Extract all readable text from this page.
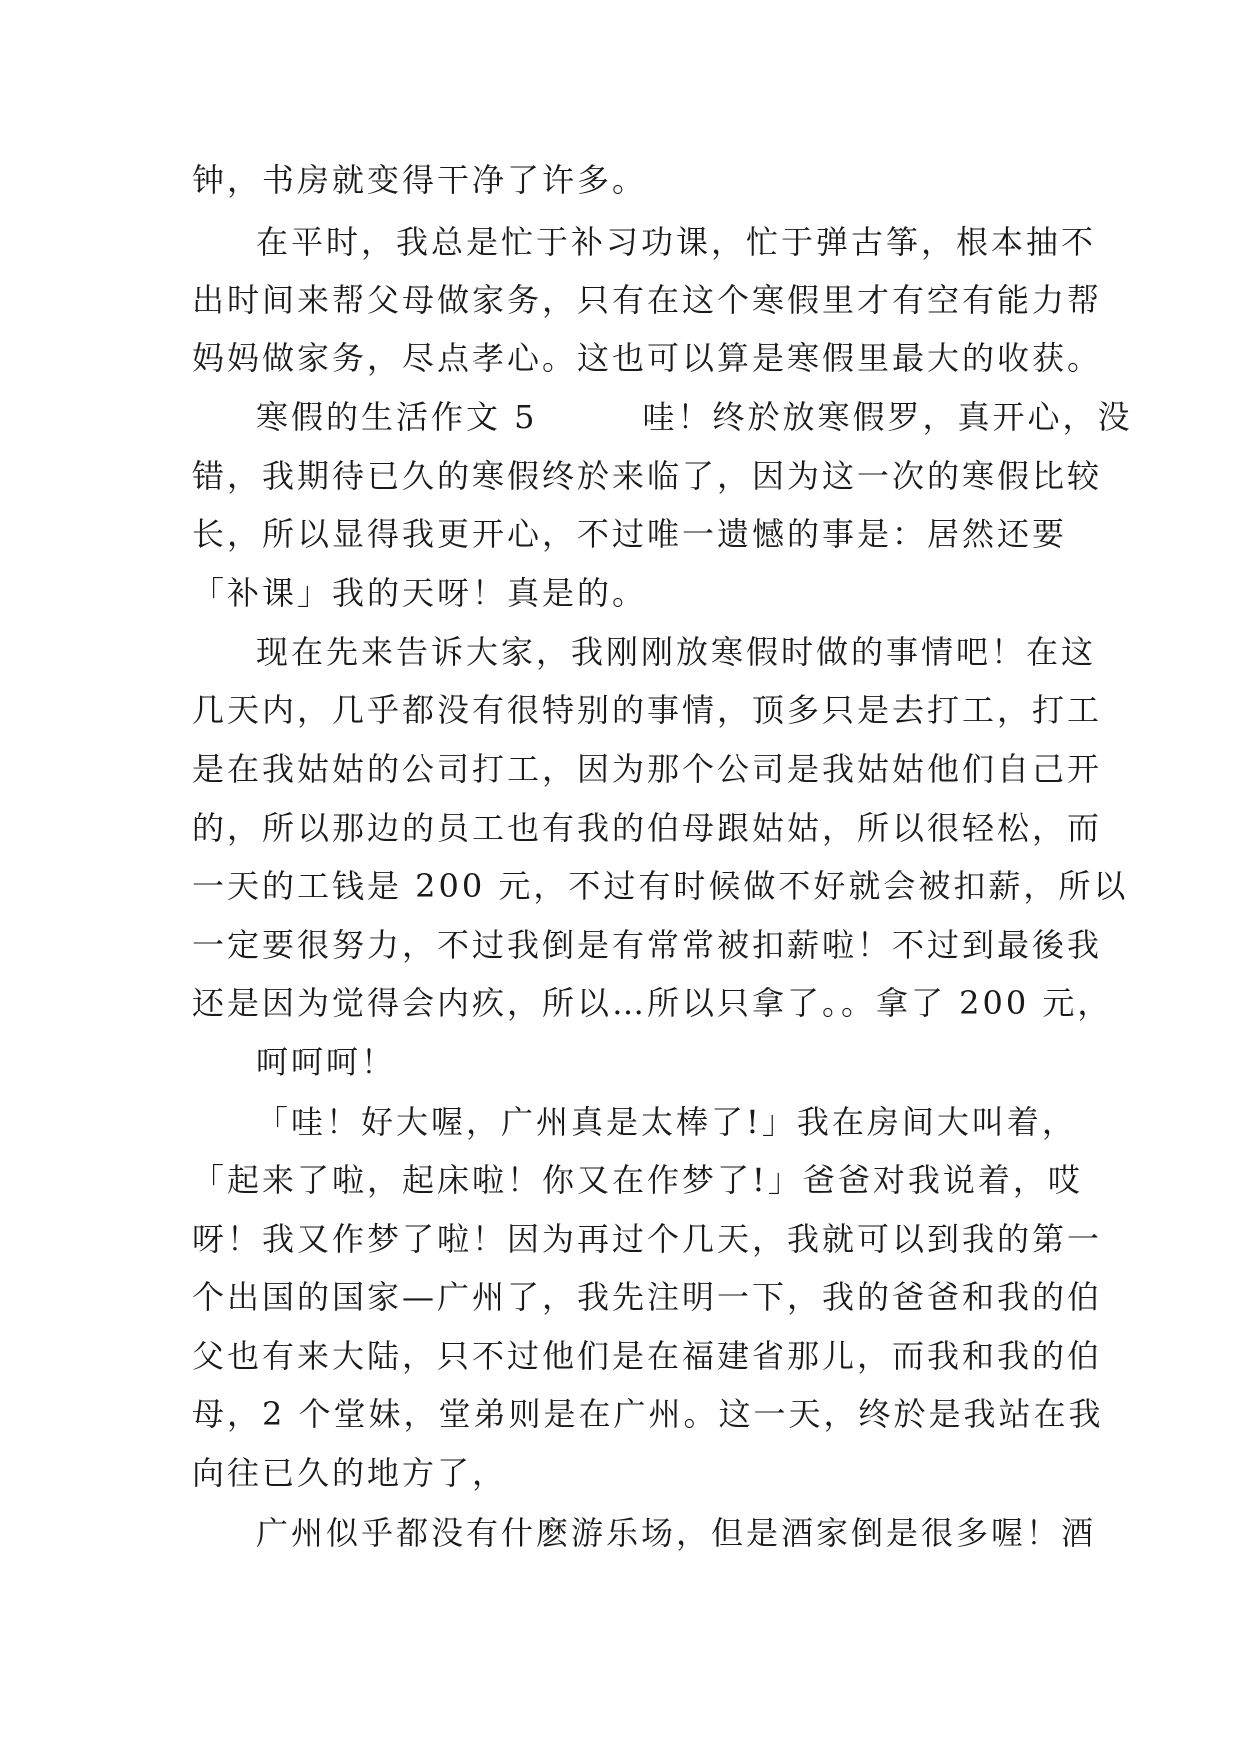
钟，书房就变得干净了许多。
在平时，我总是忙于补习功课，忙于弹古筝，根本抽不
出时间来帮父母做家务，只有在这个寒假里才有空有能力帮
妈妈做家务，尽点孝心。这也可以算是寒假里最大的收获。
寒假的生活作文 5　　　哇！终於放寒假罗，真开心，没
错，我期待已久的寒假终於来临了，因为这一次的寒假比较
长，所以显得我更开心，不过唯一遗憾的事是：居然还要
「补课」我的天呀！真是的。
现在先来告诉大家，我刚刚放寒假时做的事情吧！在这
几天内，几乎都没有很特别的事情，顶多只是去打工，打工
是在我姑姑的公司打工，因为那个公司是我姑姑他们自己开
的，所以那边的员工也有我的伯母跟姑姑，所以很轻松，而
一天的工钱是 200 元，不过有时候做不好就会被扣薪，所以
一定要很努力，不过我倒是有常常被扣薪啦！不过到最後我
还是因为觉得会内疚，所以…所以只拿了。。拿了 200 元，
呵呵呵！
「哇！好大喔，广州真是太棒了!」我在房间大叫着，
「起来了啦，起床啦！你又在作梦了!」爸爸对我说着，哎
呀！我又作梦了啦！因为再过个几天，我就可以到我的第一
个出国的国家—广州了，我先注明一下，我的爸爸和我的伯
父也有来大陆，只不过他们是在福建省那儿，而我和我的伯
母，2 个堂妹，堂弟则是在广州。这一天，终於是我站在我
向往已久的地方了，
广州似乎都没有什麽游乐场，但是酒家倒是很多喔！酒
